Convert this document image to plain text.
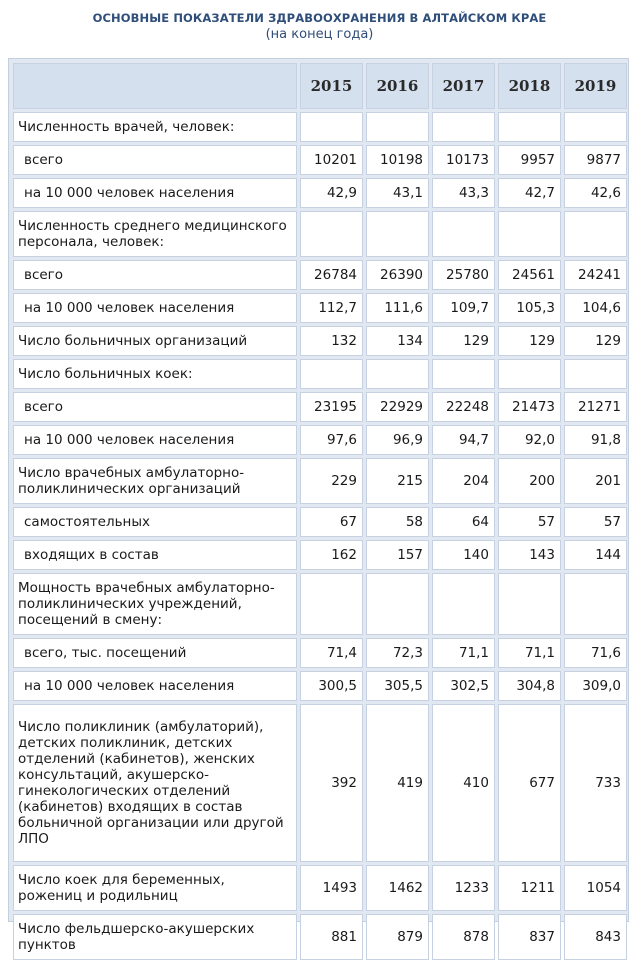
ОСНОВНЫЕ ПОКАЗАТЕЛИ ЗДРАВООХРАНЕНИЯ В АЛТАЙСКОМ КРАЕ
(на конец года)
	2015	2016	2017	2018	2019
Численность врачей, человек:					
всего	10201	10198	10173	9957	9877
на 10 000 человек населения	42,9	43,1	43,3	42,7	42,6
Численность среднего медицинского персонала, человек:					
всего	26784	26390	25780	24561	24241
на 10 000 человек населения	112,7	111,6	109,7	105,3	104,6
Число больничных организаций	132	134	129	129	129
Число больничных коек:					
всего	23195	22929	22248	21473	21271
на 10 000 человек населения	97,6	96,9	94,7	92,0	91,8
Число врачебных амбулаторно-поликлинических организаций	229	215	204	200	201
самостоятельных	67	58	64	57	57
входящих в состав	162	157	140	143	144
Мощность врачебных амбулаторно-поликлинических учреждений, посещений в смену:					
всего, тыс. посещений	71,4	72,3	71,1	71,1	71,6
на 10 000 человек населения	300,5	305,5	302,5	304,8	309,0
Число поликлиник (амбулаторий), детских поликлиник, детских отделений (кабинетов), женских консультаций, акушерско-гинекологических отделений (кабинетов) входящих в состав больничной организации или другой ЛПО	392	419	410	677	733
Число коек для беременных, рожениц и родильниц	1493	1462	1233	1211	1054
Число фельдшерско-акушерских пунктов	881	879	878	837	843
